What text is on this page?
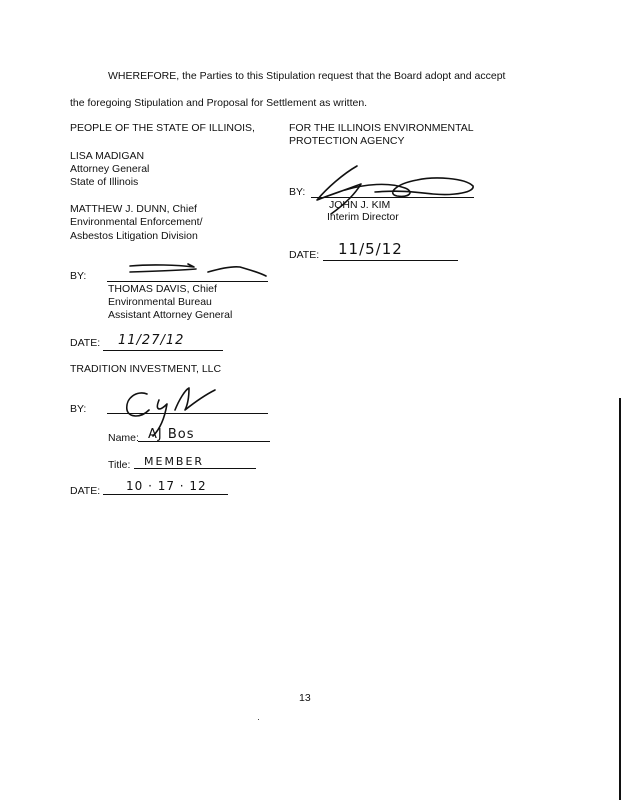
WHEREFORE, the Parties to this Stipulation request that the Board adopt and accept
the foregoing Stipulation and Proposal for Settlement as written.
PEOPLE OF THE STATE OF ILLINOIS,
LISA MADIGAN
Attorney General
State of Illinois
MATTHEW J. DUNN, Chief
Environmental Enforcement/
Asbestos Litigation Division
BY:
THOMAS DAVIS, Chief
Environmental Bureau
Assistant Attorney General
DATE: 11/27/12
FOR THE ILLINOIS ENVIRONMENTAL
PROTECTION AGENCY
BY:
JOHN J. KIM
Interim Director
DATE: 11/5/12
TRADITION INVESTMENT, LLC
BY:
Name: AJ Bos
Title: MEMBER
DATE: 10 · 17 · 12
13
